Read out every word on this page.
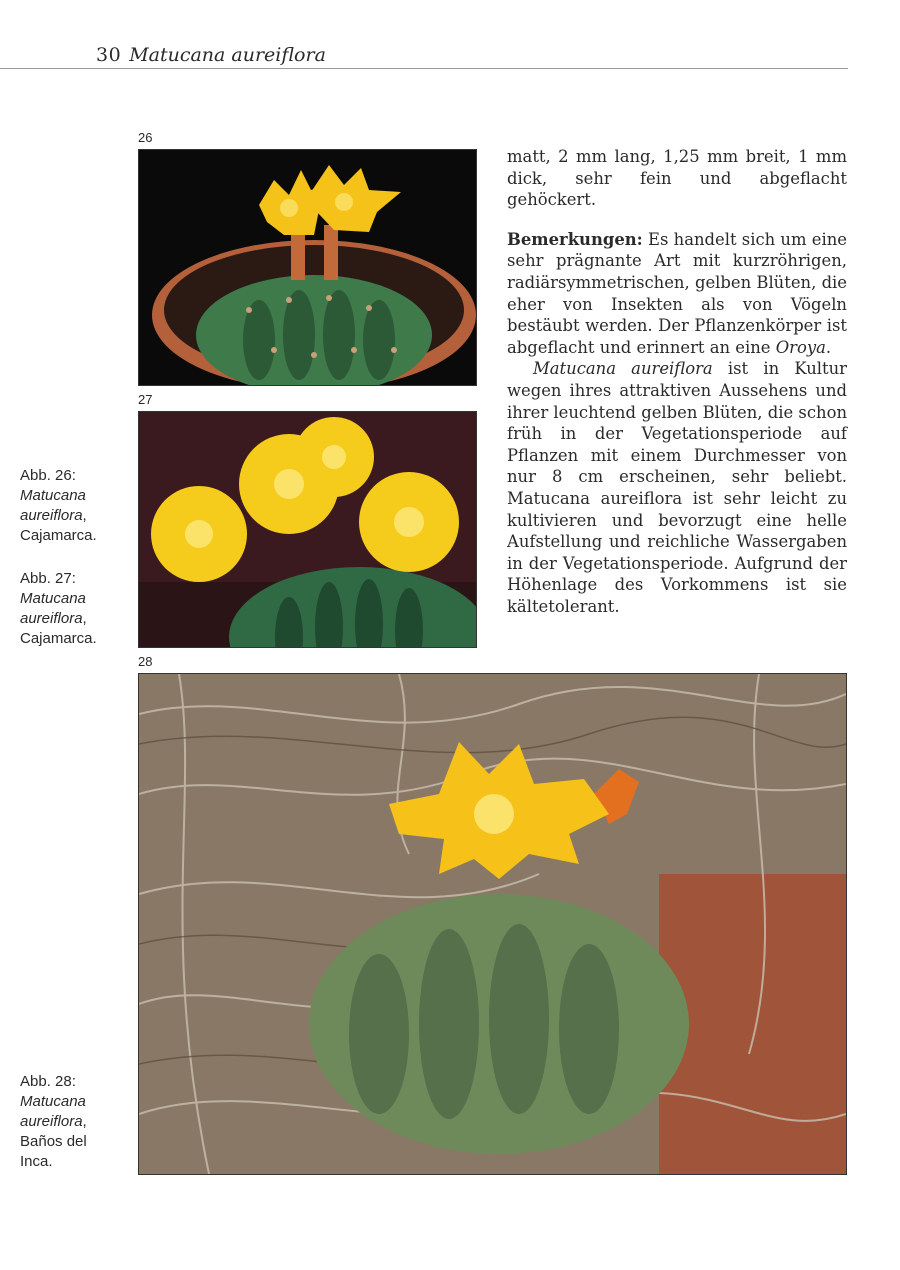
30 Matucana aureiflora
26
27
28
Abb. 26:
Matucana
aureiflora,
Cajamarca.
Abb. 27:
Matucana
aureiflora,
Cajamarca.
Abb. 28:
Matucana
aureiflora,
Baños del
Inca.

matt, 2 mm lang, 1,25 mm breit, 1 mm dick, sehr fein und abgeflacht gehöckert.

Bemerkungen: Es handelt sich um eine sehr prägnante Art mit kurzröhrigen, radiärsymmetrischen, gelben Blüten, die eher von Insekten als von Vögeln bestäubt werden. Der Pflanzenkörper ist abgeflacht und erinnert an eine Oroya.

Matucana aureiflora ist in Kultur wegen ihres attraktiven Aussehens und ihrer leuchtend gelben Blüten, die schon früh in der Vegetationsperiode auf Pflanzen mit einem Durchmesser von nur 8 cm erscheinen, sehr beliebt. Matucana aureiflora ist sehr leicht zu kultivieren und bevorzugt eine helle Aufstellung und reichliche Wassergaben in der Vegetationsperiode. Aufgrund der Höhenlage des Vorkommens ist sie kältetolerant.
